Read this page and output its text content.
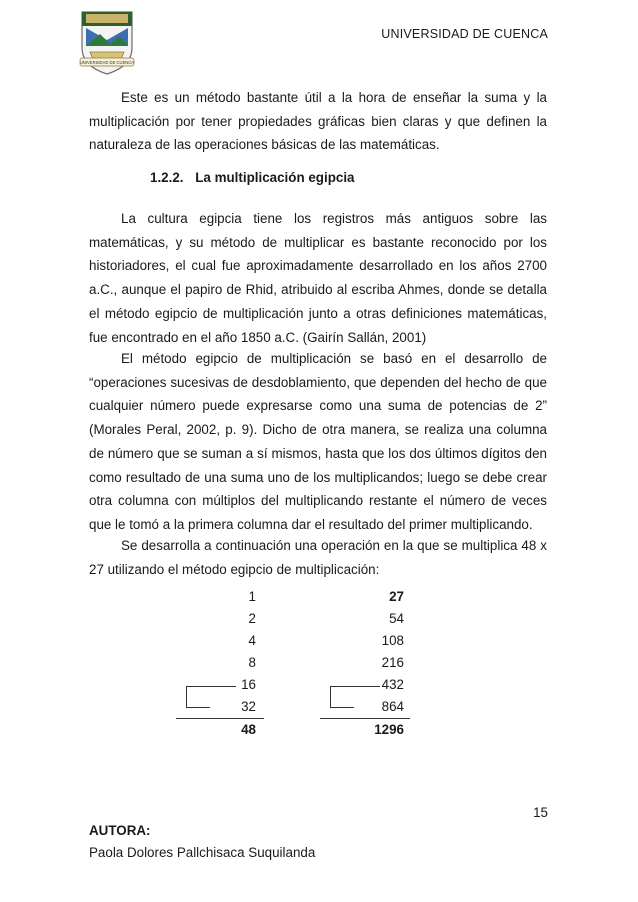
UNIVERSIDAD DE CUENCA
UNIVERSIDAD DE CUENCA
Este es un método bastante útil a la hora de enseñar la suma y la multiplicación por tener propiedades gráficas bien claras y que definen la naturaleza de las operaciones básicas de las matemáticas.
1.2.2. La multiplicación egipcia
La cultura egipcia tiene los registros más antiguos sobre las matemáticas, y su método de multiplicar es bastante reconocido por los historiadores, el cual fue aproximadamente desarrollado en los años 2700 a.C., aunque el papiro de Rhid, atribuido al escriba Ahmes, donde se detalla el método egipcio de multiplicación junto a otras definiciones matemáticas, fue encontrado en el año 1850 a.C. (Gairín Sallán, 2001)
El método egipcio de multiplicación se basó en el desarrollo de “operaciones sucesivas de desdoblamiento, que dependen del hecho de que cualquier número puede expresarse como una suma de potencias de 2” (Morales Peral, 2002, p. 9). Dicho de otra manera, se realiza una columna de número que se suman a sí mismos, hasta que los dos últimos dígitos den como resultado de una suma uno de los multiplicandos; luego se debe crear otra columna con múltiplos del multiplicando restante el número de veces que le tomó a la primera columna dar el resultado del primer multiplicando.
Se desarrolla a continuación una operación en la que se multiplica 48 x 27 utilizando el método egipcio de multiplicación:
1	27
2	54
4	108
8	216
16	432
32	864
48	1296
15
AUTORA:
Paola Dolores Pallchisaca Suquilanda
